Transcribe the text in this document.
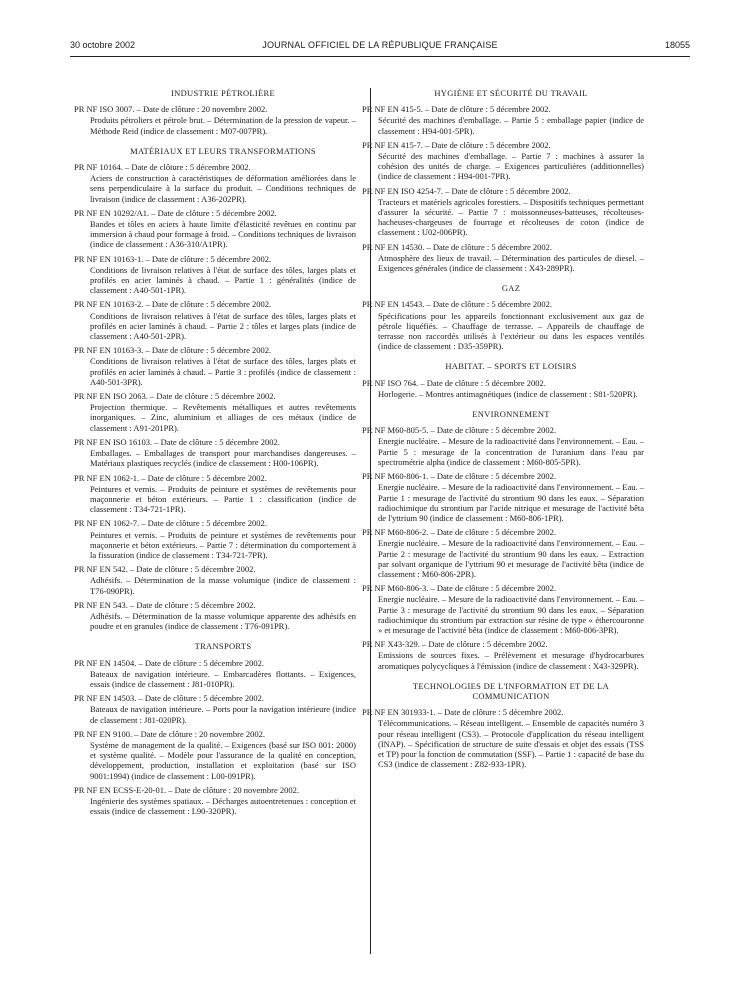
30 octobre 2002	JOURNAL OFFICIEL DE LA RÉPUBLIQUE FRANÇAISE	18055
INDUSTRIE PÉTROLIÈRE
PR NF ISO 3007. – Date de clôture : 20 novembre 2002.
Produits pétroliers et pétrole brut. – Détermination de la pression de vapeur. – Méthode Reid (indice de classement : M07-007PR).
MATÉRIAUX ET LEURS TRANSFORMATIONS
PR NF 10164. – Date de clôture : 5 décembre 2002.
Aciers de construction à caractéristiques de déformation améliorées dans le sens perpendiculaire à la surface du produit. – Conditions techniques de livraison (indice de classement : A36-202PR).
PR NF EN 10292/A1. – Date de clôture : 5 décembre 2002.
Bandes et tôles en aciers à haute limite d'élasticité revêtues en continu par immersion à chaud pour formage à froid. – Conditions techniques de livraison (indice de classement : A36-310/A1PR).
PR NF EN 10163-1. – Date de clôture : 5 décembre 2002.
Conditions de livraison relatives à l'état de surface des tôles, larges plats et profilés en acier laminés à chaud. – Partie 1 : généralités (indice de classement : A40-501-1PR).
PR NF EN 10163-2. – Date de clôture : 5 décembre 2002.
Conditions de livraison relatives à l'état de surface des tôles, larges plats et profilés en acier laminés à chaud. – Partie 2 : tôles et larges plats (indice de classement : A40-501-2PR).
PR NF EN 10163-3. – Date de clôture : 5 décembre 2002.
Conditions de livraison relatives à l'état de surface des tôles, larges plats et profilés en acier laminés à chaud. – Partie 3 : profilés (indice de classement : A40-501-3PR).
PR NF EN ISO 2063. – Date de clôture : 5 décembre 2002.
Projection thermique. – Revêtements métalliques et autres revêtements inorganiques. – Zinc, aluminium et alliages de ces métaux (indice de classement : A91-201PR).
PR NF EN ISO 16103. – Date de clôture : 5 décembre 2002.
Emballages. – Emballages de transport pour marchandises dangereuses. – Matériaux plastiques recyclés (indice de classement : H00-106PR).
PR NF EN 1062-1. – Date de clôture : 5 décembre 2002.
Peintures et vernis. – Produits de peinture et systèmes de revêtements pour maçonnerie et béton extérieurs. – Partie 1 : classification (indice de classement : T34-721-1PR).
PR NF EN 1062-7. – Date de clôture : 5 décembre 2002.
Peintures et vernis. – Produits de peinture et systèmes de revêtements pour maçonnerie et béton extérieurs. – Partie 7 : détermination du comportement à la fissuration (indice de classement : T34-721-7PR).
PR NF EN 542. – Date de clôture : 5 décembre 2002.
Adhésifs. – Détermination de la masse volumique (indice de classement : T76-090PR).
PR NF EN 543. – Date de clôture : 5 décembre 2002.
Adhésifs. – Détermination de la masse volumique apparente des adhésifs en poudre et en granules (indice de classement : T76-091PR).
TRANSPORTS
PR NF EN 14504. – Date de clôture : 5 décembre 2002.
Bateaux de navigation intérieure. – Embarcadères flottants. – Exigences, essais (indice de classement : J81-010PR).
PR NF EN 14503. – Date de clôture : 5 décembre 2002.
Bateaux de navigation intérieure. – Ports pour la navigation intérieure (indice de classement : J81-020PR).
PR NF EN 9100. – Date de clôture : 20 novembre 2002.
Système de management de la qualité. – Exigences (basé sur ISO 001: 2000) et système qualité. – Modèle pour l'assurance de la qualité en conception, développement, production, installation et exploitation (basé sur ISO 9001:1994) (indice de classement : L00-091PR).
PR NF EN ECSS-E-20-01. – Date de clôture : 20 novembre 2002.
Ingénierie des systèmes spatiaux. – Décharges autoentretenues : conception et essais (indice de classement : L90-320PR).
HYGIÈNE ET SÉCURITÉ DU TRAVAIL
PR NF EN 415-5. – Date de clôture : 5 décembre 2002.
Sécurité des machines d'emballage. – Partie 5 : emballage papier (indice de classement : H94-001-5PR).
PR NF EN 415-7. – Date de clôture : 5 décembre 2002.
Sécurité des machines d'emballage. – Partie 7 : machines à assurer la cohésion des unités de charge. – Exigences particulières (additionnelles) (indice de classement : H94-001-7PR).
PR NF EN ISO 4254-7. – Date de clôture : 5 décembre 2002.
Tracteurs et matériels agricoles forestiers. – Dispositifs techniques permettant d'assurer la sécurité. – Partie 7 : moissonneuses-batteuses, récolteuses-hacheuses-chargeuses de fourrage et récolteuses de coton (indice de classement : U02-006PR).
PR NF EN 14530. – Date de clôture : 5 décembre 2002.
Atmosphère des lieux de travail. – Détermination des particules de diesel. – Exigences générales (indice de classement : X43-289PR).
GAZ
PR NF EN 14543. – Date de clôture : 5 décembre 2002.
Spécifications pour les appareils fonctionnant exclusivement aux gaz de pétrole liquéfiés. – Chauffage de terrasse. – Appareils de chauffage de terrasse non raccordés utilisés à l'extérieur ou dans les espaces ventilés (indice de classement : D35-359PR).
HABITAT. – SPORTS ET LOISIRS
PR NF ISO 764. – Date de clôture : 5 décembre 2002.
Horlogerie. – Montres antimagnétiques (indice de classement : S81-520PR).
ENVIRONNEMENT
PR NF M60-805-5. – Date de clôture : 5 décembre 2002.
Energie nucléaire. – Mesure de la radioactivité dans l'environnement. – Eau. – Partie 5 : mesurage de la concentration de l'uranium dans l'eau par spectrométrie alpha (indice de classement : M60-805-5PR).
PR NF M60-806-1. – Date de clôture : 5 décembre 2002.
Energie nucléaire. – Mesure de la radioactivité dans l'environnement. – Eau. – Partie 1 : mesurage de l'activité du strontium 90 dans les eaux. – Séparation radiochimique du strontium par l'acide nitrique et mesurage de l'activité bêta de l'yttrium 90 (indice de classement : M60-806-1PR).
PR NF M60-806-2. – Date de clôture : 5 décembre 2002.
Energie nucléaire. – Mesure de la radioactivité dans l'environnement. – Eau. – Partie 2 : mesurage de l'activité du strontium 90 dans les eaux. – Extraction par solvant organique de l'yttrium 90 et mesurage de l'activité bêta (indice de classement : M60-806-2PR).
PR NF M60-806-3. – Date de clôture : 5 décembre 2002.
Energie nucléaire. – Mesure de la radioactivité dans l'environnement. – Eau. – Partie 3 : mesurage de l'activité du strontium 90 dans les eaux. – Séparation radiochimique du strontium par extraction sur résine de type « éthercouronne » et mesurage de l'activité bêta (indice de classement : M60-806-3PR).
PR NF X43-329. – Date de clôture : 5 décembre 2002.
Emissions de sources fixes. – Prélèvement et mesurage d'hydrocarbures aromatiques polycycliques à l'émission (indice de classement : X43-329PR).
TECHNOLOGIES DE L'INFORMATION ET DE LA COMMUNICATION
PR NF EN 301933-1. – Date de clôture : 5 décembre 2002.
Télécommunications. – Réseau intelligent. – Ensemble de capacités numéro 3 pour réseau intelligent (CS3). – Protocole d'application du réseau intelligent (INAP). – Spécification de structure de suite d'essais et objet des essais (TSS et TP) pour la fonction de commutation (SSF). – Partie 1 : capacité de base du CS3 (indice de classement : Z82-933-1PR).
